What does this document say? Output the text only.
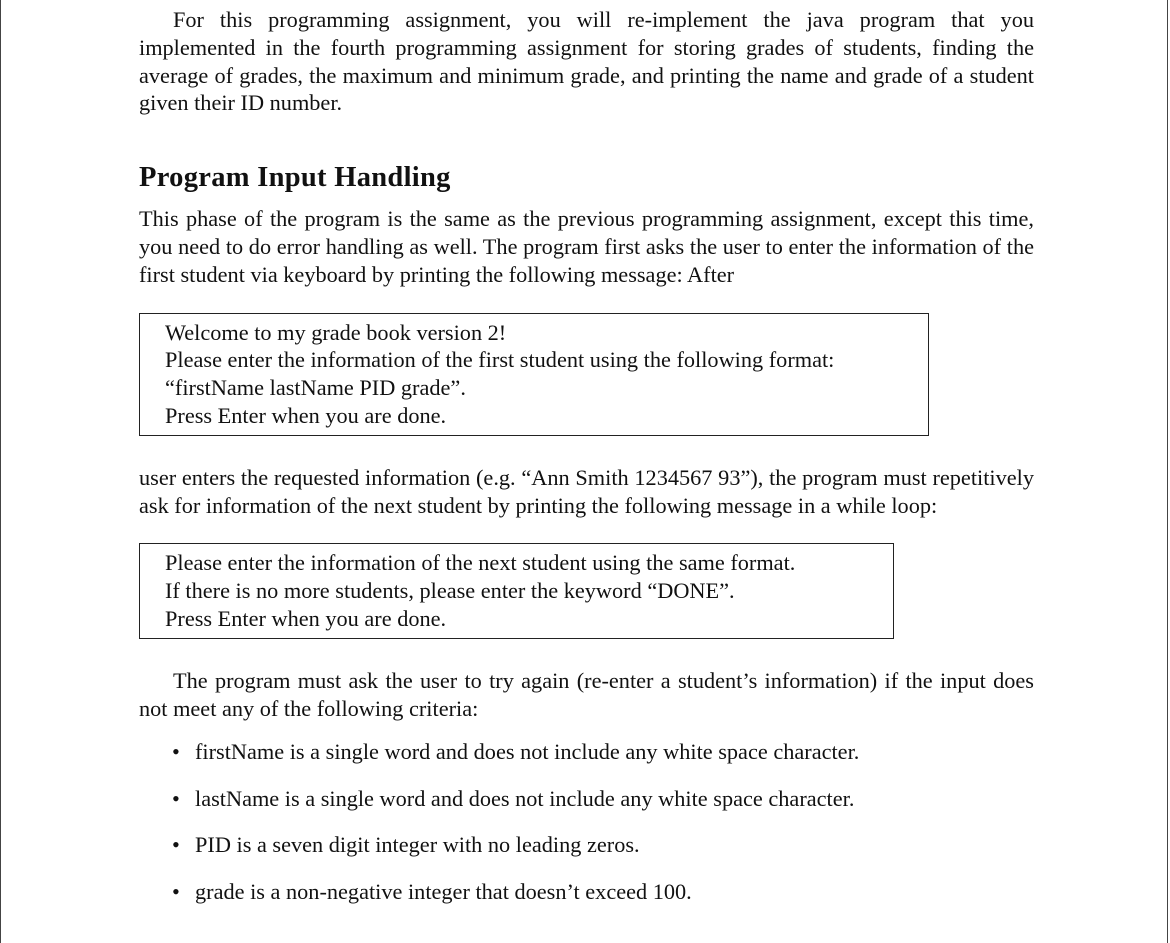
For this programming assignment, you will re-implement the java program that you implemented in the fourth programming assignment for storing grades of students, finding the average of grades, the maximum and minimum grade, and printing the name and grade of a student given their ID number.

Program Input Handling

This phase of the program is the same as the previous programming assignment, except this time, you need to do error handling as well. The program first asks the user to enter the information of the first student via keyboard by printing the following message: After

Welcome to my grade book version 2!
Please enter the information of the first student using the following format:
“firstName lastName PID grade”.
Press Enter when you are done.

user enters the requested information (e.g. “Ann Smith 1234567 93”), the program must repetitively ask for information of the next student by printing the following message in a while loop:

Please enter the information of the next student using the same format.
If there is no more students, please enter the keyword “DONE”.
Press Enter when you are done.

The program must ask the user to try again (re-enter a student’s information) if the input does not meet any of the following criteria:

• firstName is a single word and does not include any white space character.
• lastName is a single word and does not include any white space character.
• PID is a seven digit integer with no leading zeros.
• grade is a non-negative integer that doesn’t exceed 100.
